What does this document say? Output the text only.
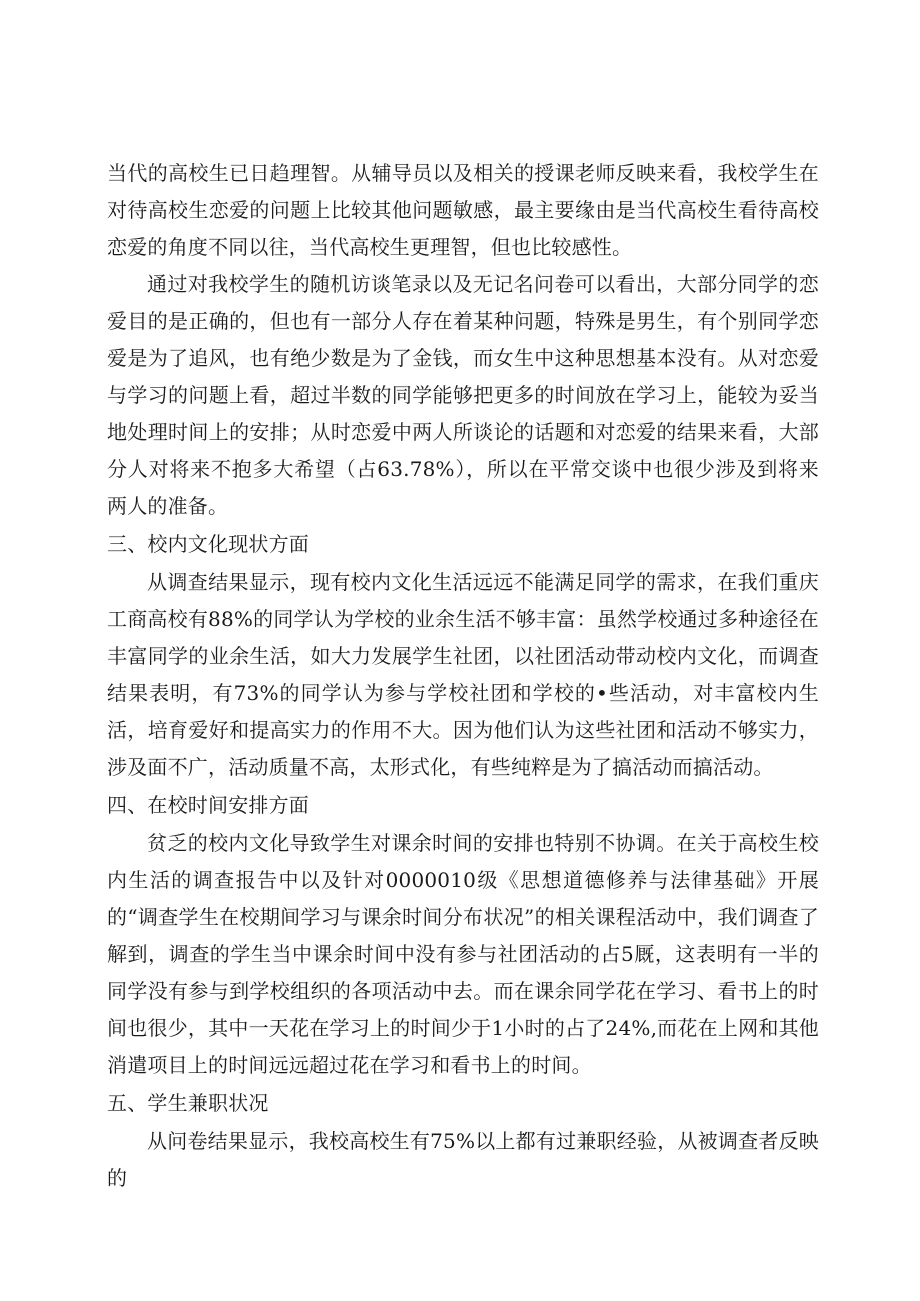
当代的高校生已日趋理智。从辅导员以及相关的授课老师反映来看，我校学生在对待高校生恋爱的问题上比较其他问题敏感，最主要缘由是当代高校生看待高校恋爱的角度不同以往，当代高校生更理智，但也比较感性。

通过对我校学生的随机访谈笔录以及无记名问卷可以看出，大部分同学的恋爱目的是正确的，但也有一部分人存在着某种问题，特殊是男生，有个别同学恋爱是为了追风，也有绝少数是为了金钱，而女生中这种思想基本没有。从对恋爱与学习的问题上看，超过半数的同学能够把更多的时间放在学习上，能较为妥当地处理时间上的安排；从时恋爱中两人所谈论的话题和对恋爱的结果来看，大部分人对将来不抱多大希望（占63.78%），所以在平常交谈中也很少涉及到将来两人的准备。

三、校内文化现状方面

从调查结果显示，现有校内文化生活远远不能满足同学的需求，在我们重庆工商高校有88%的同学认为学校的业余生活不够丰富：虽然学校通过多种途径在丰富同学的业余生活，如大力发展学生社团，以社团活动带动校内文化，而调查结果表明，有73%的同学认为参与学校社团和学校的•些活动，对丰富校内生活，培育爱好和提高实力的作用不大。因为他们认为这些社团和活动不够实力，涉及面不广，活动质量不高，太形式化，有些纯粹是为了搞活动而搞活动。

四、在校时间安排方面

贫乏的校内文化导致学生对课余时间的安排也特别不协调。在关于高校生校内生活的调查报告中以及针对0000010级《思想道德修养与法律基础》开展的“调查学生在校期间学习与课余时间分布状况”的相关课程活动中，我们调查了解到，调查的学生当中课余时间中没有参与社团活动的占5厩，这表明有一半的同学没有参与到学校组织的各项活动中去。而在课余同学花在学习、看书上的时间也很少，其中一天花在学习上的时间少于1小时的占了24%,而花在上网和其他消遣项目上的时间远远超过花在学习和看书上的时间。

五、学生兼职状况

从问卷结果显示，我校高校生有75%以上都有过兼职经验，从被调查者反映的
